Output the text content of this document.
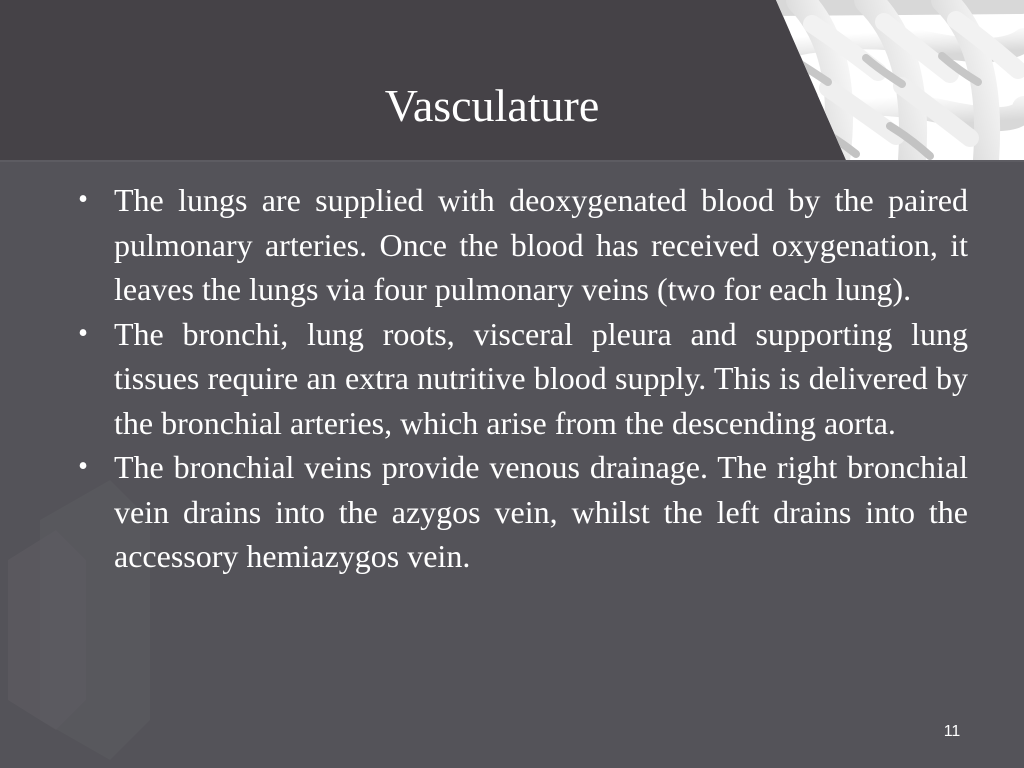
Vasculature
• The lungs are supplied with deoxygenated blood by the paired pulmonary arteries. Once the blood has received oxygenation, it leaves the lungs via four pulmonary veins (two for each lung).
• The bronchi, lung roots, visceral pleura and supporting lung tissues require an extra nutritive blood supply. This is delivered by the bronchial arteries, which arise from the descending aorta.
• The bronchial veins provide venous drainage. The right bronchial vein drains into the azygos vein, whilst the left drains into the accessory hemiazygos vein.
11
